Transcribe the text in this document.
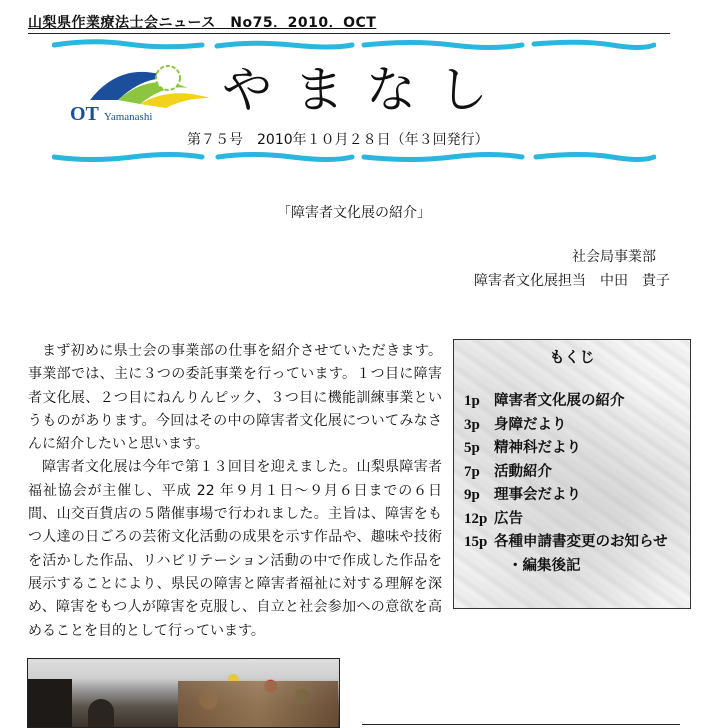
山梨県作業療法士会ニュース　No75．2010．OCT
OT Yamanashi やまなし
第７５号　2010年１０月２８日（年３回発行）
「障害者文化展の紹介」
社会局事業部
障害者文化展担当 中田　貴子

まず初めに県士会の事業部の仕事を紹介させていただきます。事業部では、主に３つの委託事業を行っています。１つ目に障害者文化展、２つ目にねんりんピック、３つ目に機能訓練事業というものがあります。今回はその中の障害者文化展についてみなさんに紹介したいと思います。

障害者文化展は今年で第１３回目を迎えました。山梨県障害者福祉協会が主催し、平成 22 年９月１日〜９月６日までの６日間、山交百貨店の５階催事場で行われました。主旨は、障害をもつ人達の日ごろの芸術文化活動の成果を示す作品や、趣味や技術を活かした作品、リハビリテーション活動の中で作成した作品を展示することにより、県民の障害と障害者福祉に対する理解を深め、障害をもつ人が障害を克服し、自立と社会参加への意欲を高めることを目的として行っています。

もくじ
1p 障害者文化展の紹介
3p 身障だより
5p 精神科だより
7p 活動紹介
9p 理事会だより
12p 広告
15p 各種申請書変更のお知らせ
・編集後記
